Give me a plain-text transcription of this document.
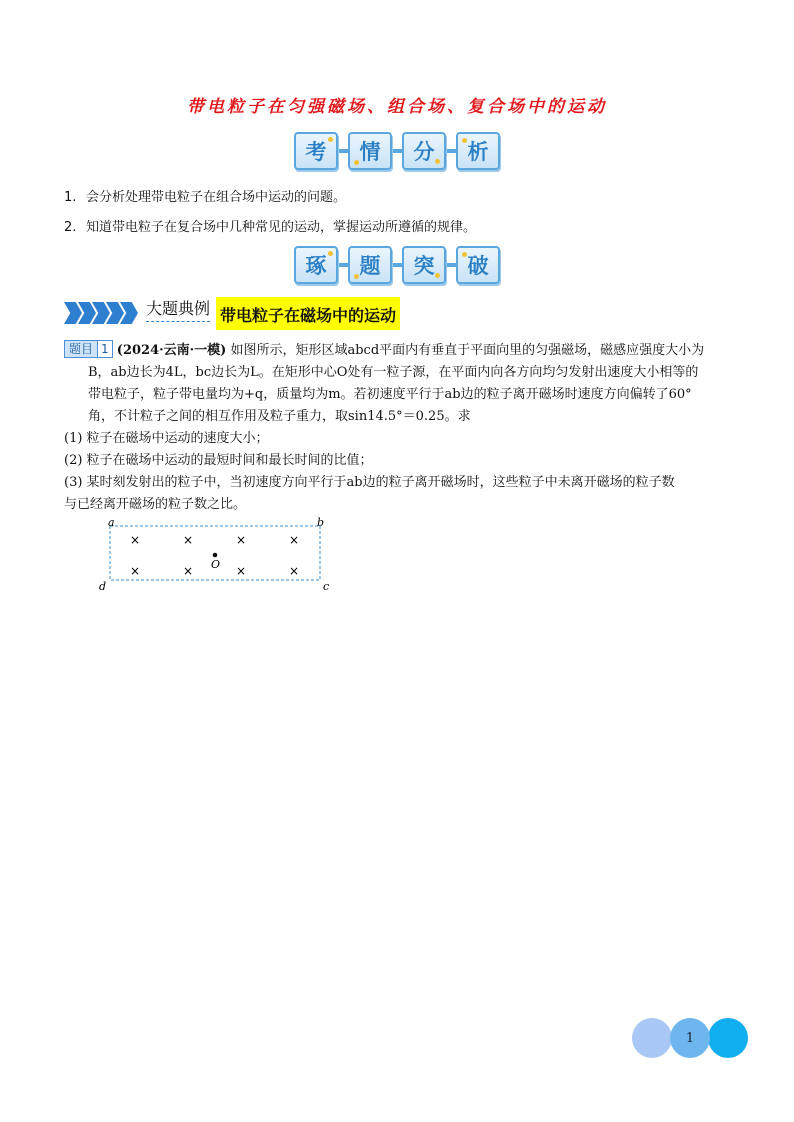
带电粒子在匀强磁场、组合场、复合场中的运动
考 情 分 析
1. 会分析处理带电粒子在组合场中运动的问题。
2. 知道带电粒子在复合场中几种常见的运动，掌握运动所遵循的规律。
琢 题 突 破
大题典例 带电粒子在磁场中的运动
题目 1 (2024·云南·一模) 如图所示，矩形区域abcd平面内有垂直于平面向里的匀强磁场，磁感应强度大小为
B，ab边长为4L，bc边长为L。在矩形中心O处有一粒子源，在平面内向各方向均匀发射出速度大小相等的
带电粒子，粒子带电量均为+q，质量均为m。若初速度平行于ab边的粒子离开磁场时速度方向偏转了60°
角，不计粒子之间的相互作用及粒子重力，取sin14.5°＝0.25。求
(1) 粒子在磁场中运动的速度大小；
(2) 粒子在磁场中运动的最短时间和最长时间的比值；
(3) 某时刻发射出的粒子中，当初速度方向平行于ab边的粒子离开磁场时，这些粒子中未离开磁场的粒子数
与已经离开磁场的粒子数之比。
a	b
c
d
×	×	×	×
×	×	×	×
O
1
